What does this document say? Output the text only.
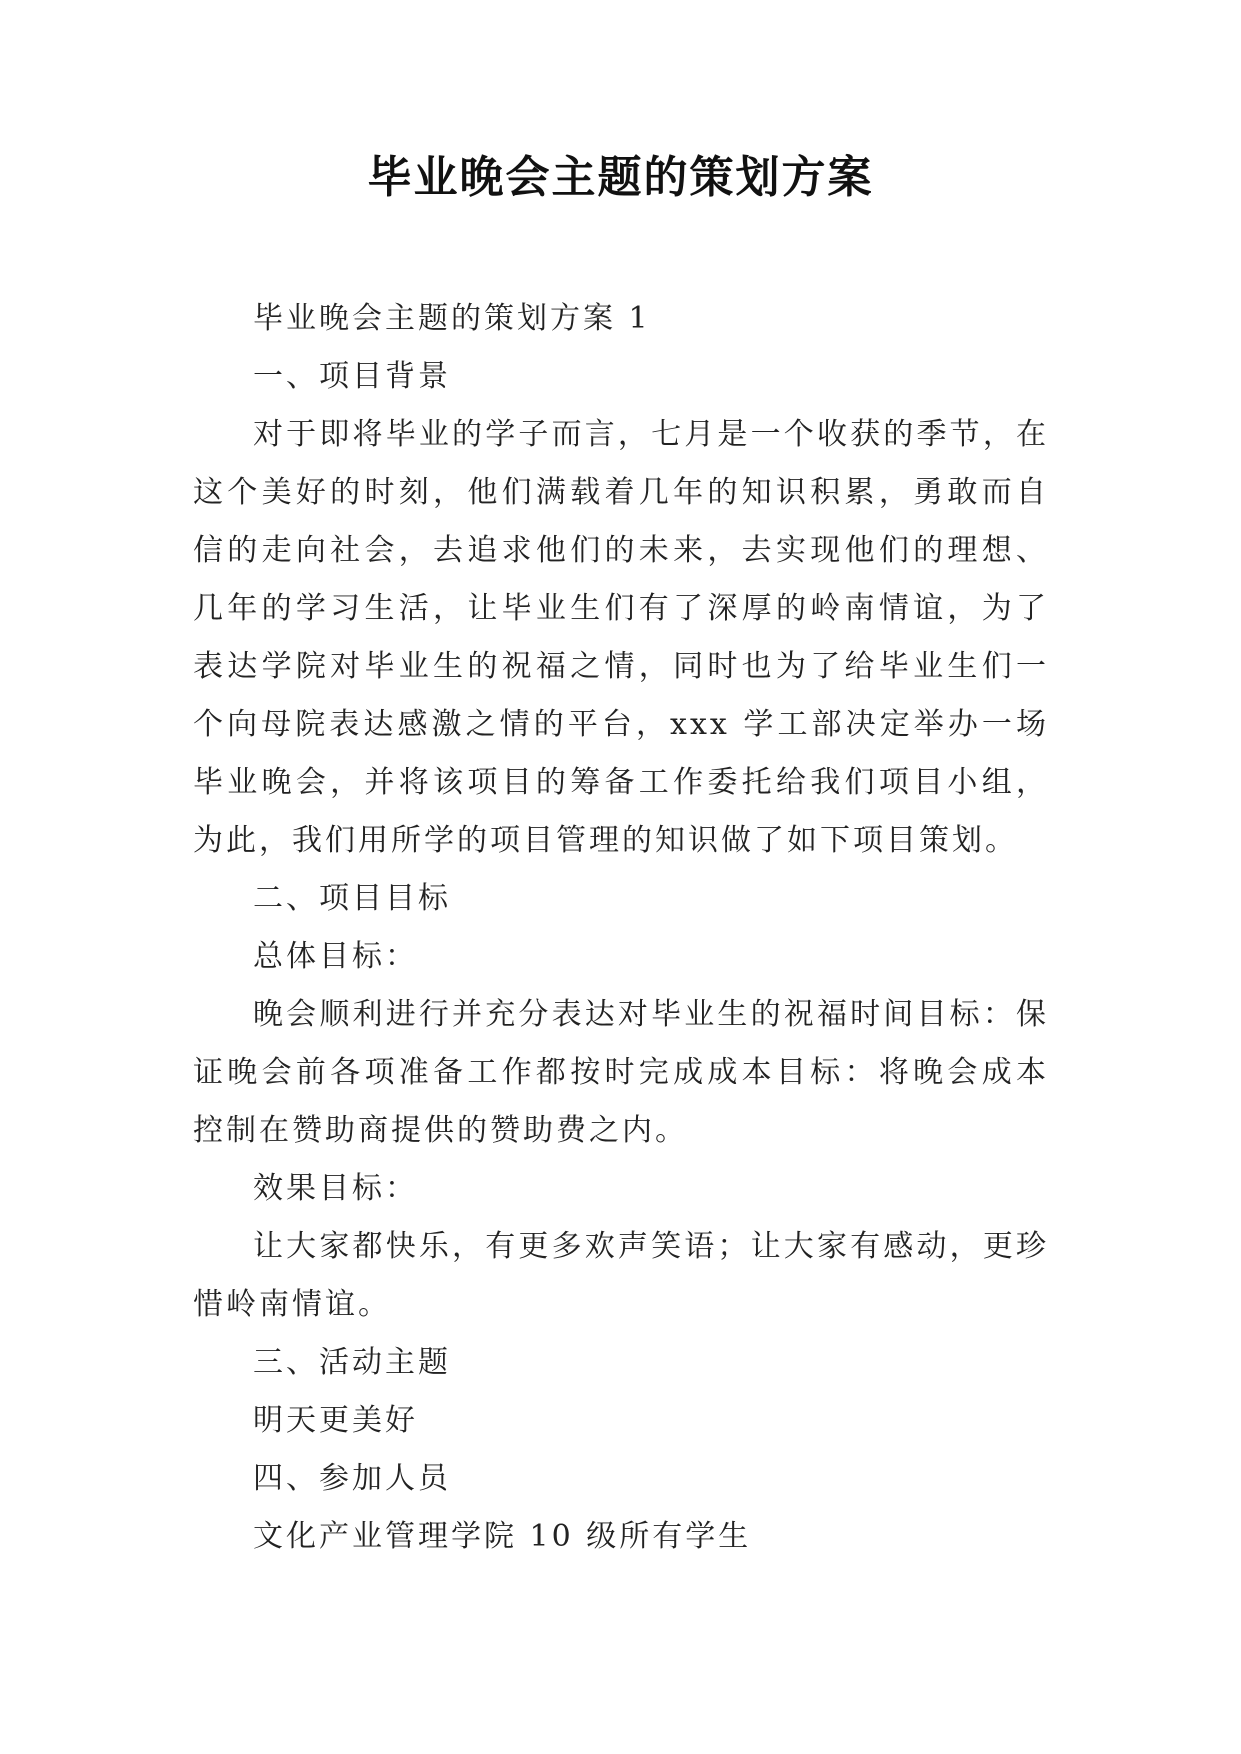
毕业晚会主题的策划方案

毕业晚会主题的策划方案 1

一、项目背景

对于即将毕业的学子而言，七月是一个收获的季节，在这个美好的时刻，他们满载着几年的知识积累，勇敢而自信的走向社会，去追求他们的未来，去实现他们的理想、几年的学习生活，让毕业生们有了深厚的岭南情谊，为了表达学院对毕业生的祝福之情，同时也为了给毕业生们一个向母院表达感激之情的平台，xxx 学工部决定举办一场毕业晚会，并将该项目的筹备工作委托给我们项目小组，为此，我们用所学的项目管理的知识做了如下项目策划。

二、项目目标

总体目标：

晚会顺利进行并充分表达对毕业生的祝福时间目标：保证晚会前各项准备工作都按时完成成本目标：将晚会成本控制在赞助商提供的赞助费之内。

效果目标：

让大家都快乐，有更多欢声笑语；让大家有感动，更珍惜岭南情谊。

三、活动主题

明天更美好

四、参加人员

文化产业管理学院 10 级所有学生
